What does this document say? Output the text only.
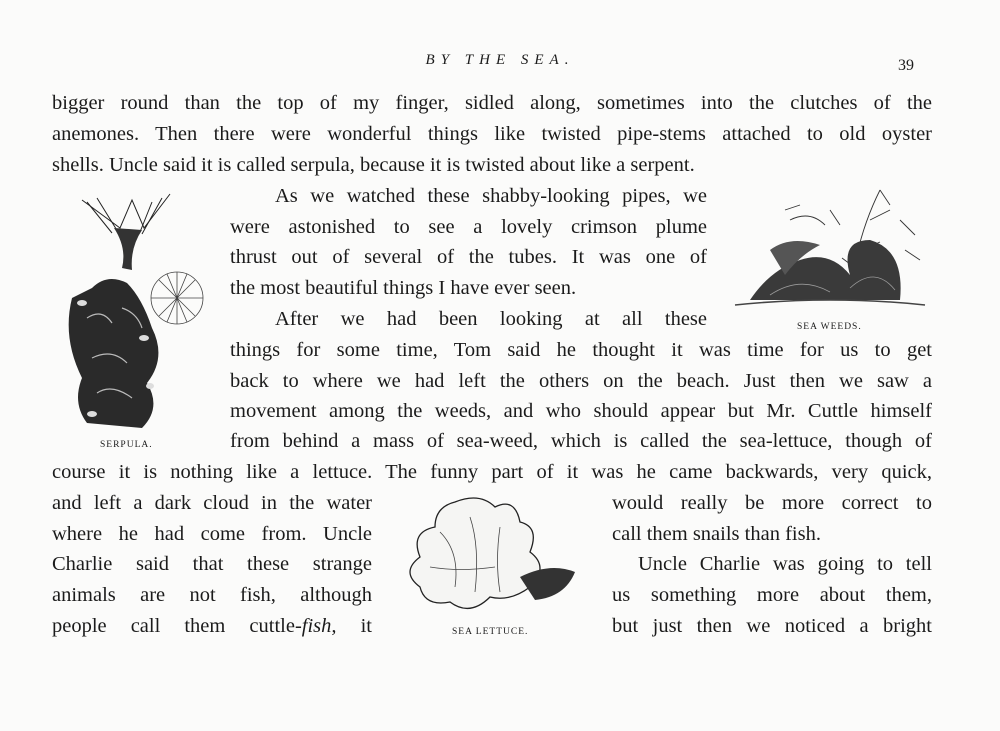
BY THE SEA.	39
bigger round than the top of my finger, sidled along, sometimes into the clutches of the
anemones. Then there were wonderful things like twisted pipe-stems attached to old oyster
shells. Uncle said it is called serpula, because it is twisted about like a serpent.
As we watched these shabby-looking pipes, we
were astonished to see a lovely crimson plume
thrust out of several of the tubes. It was one of
the most beautiful things I have ever seen.
After we had been looking at all these
things for some time, Tom said he thought it was time for us to get
back to where we had left the others on the beach. Just then we saw a
movement among the weeds, and who should appear but Mr. Cuttle himself
from behind a mass of sea-weed, which is called the sea-lettuce, though of
course it is nothing like a lettuce. The funny part of it was he came backwards, very quick,
and left a dark cloud in the water
where he had come from. Uncle
Charlie said that these strange
animals are not fish, although
people call them cuttle-fish, it
would really be more correct to
call them snails than fish.
Uncle Charlie was going to tell
us something more about them,
but just then we noticed a bright
SERPULA.
SEA WEEDS.
SEA LETTUCE.
